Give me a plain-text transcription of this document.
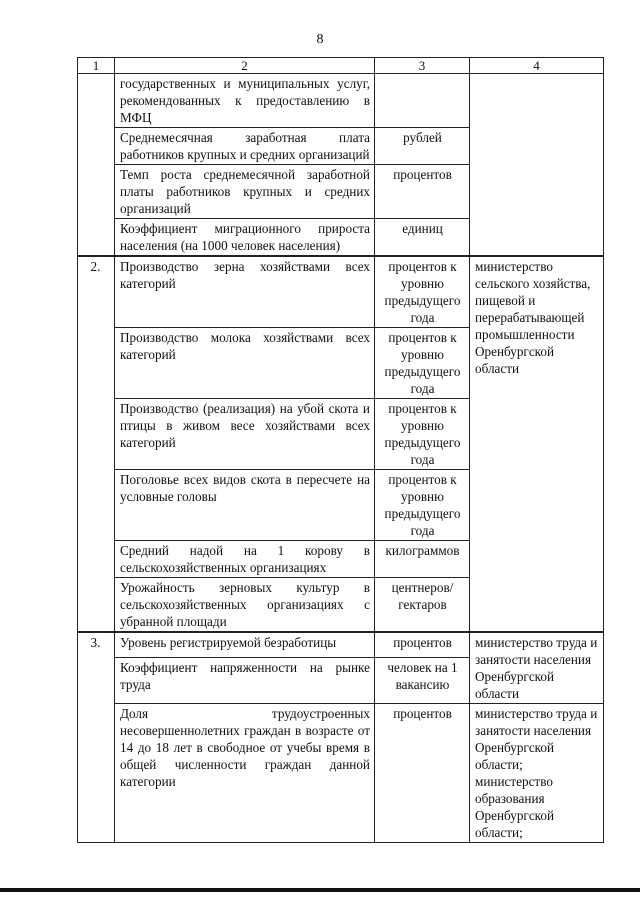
8
1	2	3	4
	государственных и муниципальных услуг, рекомендованных к предоставлению в МФЦ		
	Среднемесячная заработная плата работников крупных и средних организаций	рублей	
	Темп роста среднемесячной заработной платы работников крупных и средних организаций	процентов	
	Коэффициент миграционного прироста населения (на 1000 человек населения)	единиц	
2.	Производство зерна хозяйствами всех категорий	процентов к уровню предыдущего года	министерство сельского хозяйства, пищевой и перерабатывающей промышленности Оренбургской области
	Производство молока хозяйствами всех категорий	процентов к уровню предыдущего года	
	Производство (реализация) на убой скота и птицы в живом весе хозяйствами всех категорий	процентов к уровню предыдущего года	
	Поголовье всех видов скота в пересчете на условные головы	процентов к уровню предыдущего года	
	Средний надой на 1 корову в сельскохозяйственных организациях	килограммов	
	Урожайность зерновых культур в сельскохозяйственных организациях с убранной площади	центнеров/ гектаров	
3.	Уровень регистрируемой безработицы	процентов	министерство труда и занятости населения Оренбургской области
	Коэффициент напряженности на рынке труда	человек на 1 вакансию	
	Доля трудоустроенных несовершеннолетних граждан в возрасте от 14 до 18 лет в свободное от учебы время в общей численности граждан данной категории	процентов	министерство труда и занятости населения Оренбургской области; министерство образования Оренбургской области;
